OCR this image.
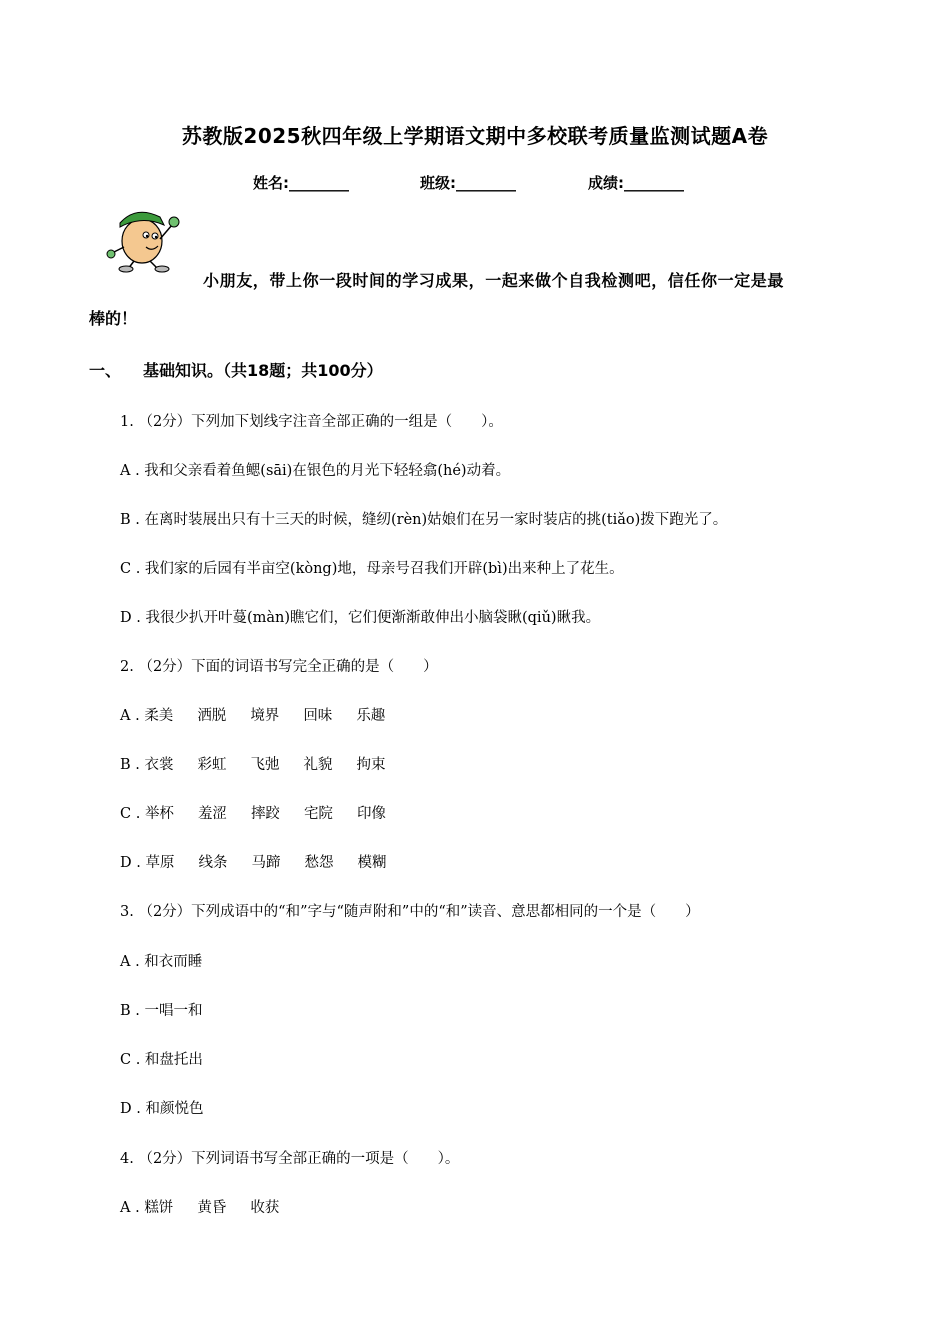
苏教版2025秋四年级上学期语文期中多校联考质量监测试题A卷
姓名:________	班级:________	成绩:________
小朋友，带上你一段时间的学习成果，一起来做个自我检测吧，信任你一定是最
棒的！
一、 基础知识。（共18题；共100分）
1. （2分）下列加下划线字注音全部正确的一组是（　　）。
A . 我和父亲看着鱼鳃(sāi)在银色的月光下轻轻翕(hé)动着。
B . 在离时装展出只有十三天的时候，缝纫(rèn)姑娘们在另一家时装店的挑(tiǎo)拨下跑光了。
C . 我们家的后园有半亩空(kòng)地，母亲号召我们开辟(bì)出来种上了花生。
D . 我很少扒开叶蔓(màn)瞧它们，它们便渐渐敢伸出小脑袋瞅(qiǔ)瞅我。
2. （2分）下面的词语书写完全正确的是（　　）
A . 柔美 洒脱 境界 回味 乐趣
B . 衣裳 彩虹 飞弛 礼貌 拘束
C . 举杯 羞涩 摔跤 宅院 印像
D . 草原 线条 马蹄 愁怨 模糊
3. （2分）下列成语中的“和”字与“随声附和”中的“和”读音、意思都相同的一个是（　　）
A . 和衣而睡
B . 一唱一和
C . 和盘托出
D . 和颜悦色
4. （2分）下列词语书写全部正确的一项是（　　）。
A . 糕饼 黄昏 收获
